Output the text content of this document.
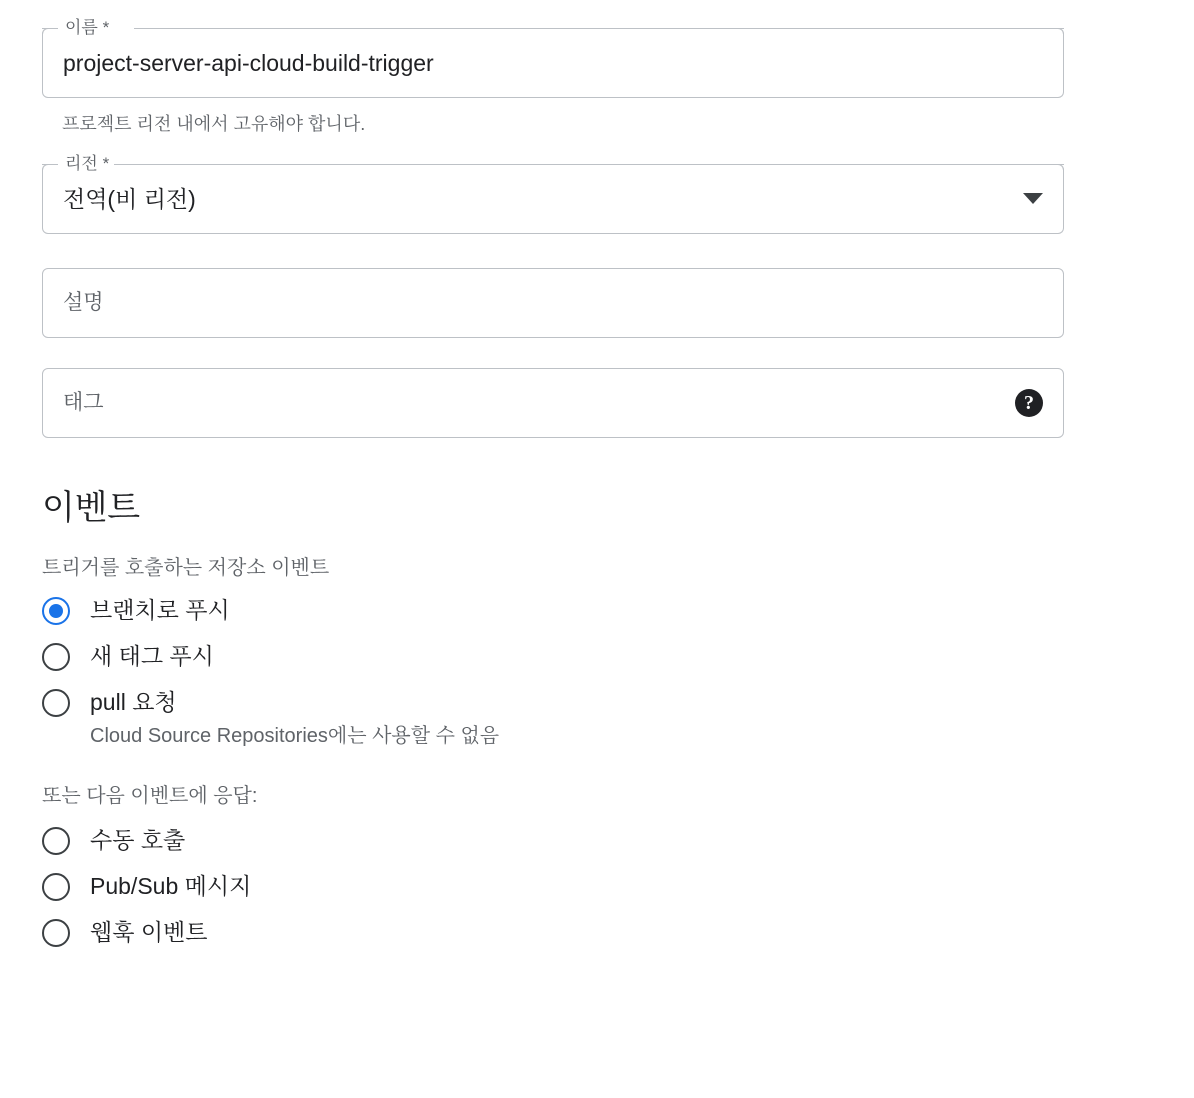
이름 *
project-server-api-cloud-build-trigger
프로젝트 리전 내에서 고유해야 합니다.
리전 *
전역(비 리전)
설명
태그	?
이벤트
트리거를 호출하는 저장소 이벤트
브랜치로 푸시
새 태그 푸시
pull 요청
Cloud Source Repositories에는 사용할 수 없음
또는 다음 이벤트에 응답:
수동 호출
Pub/Sub 메시지
웹훅 이벤트
